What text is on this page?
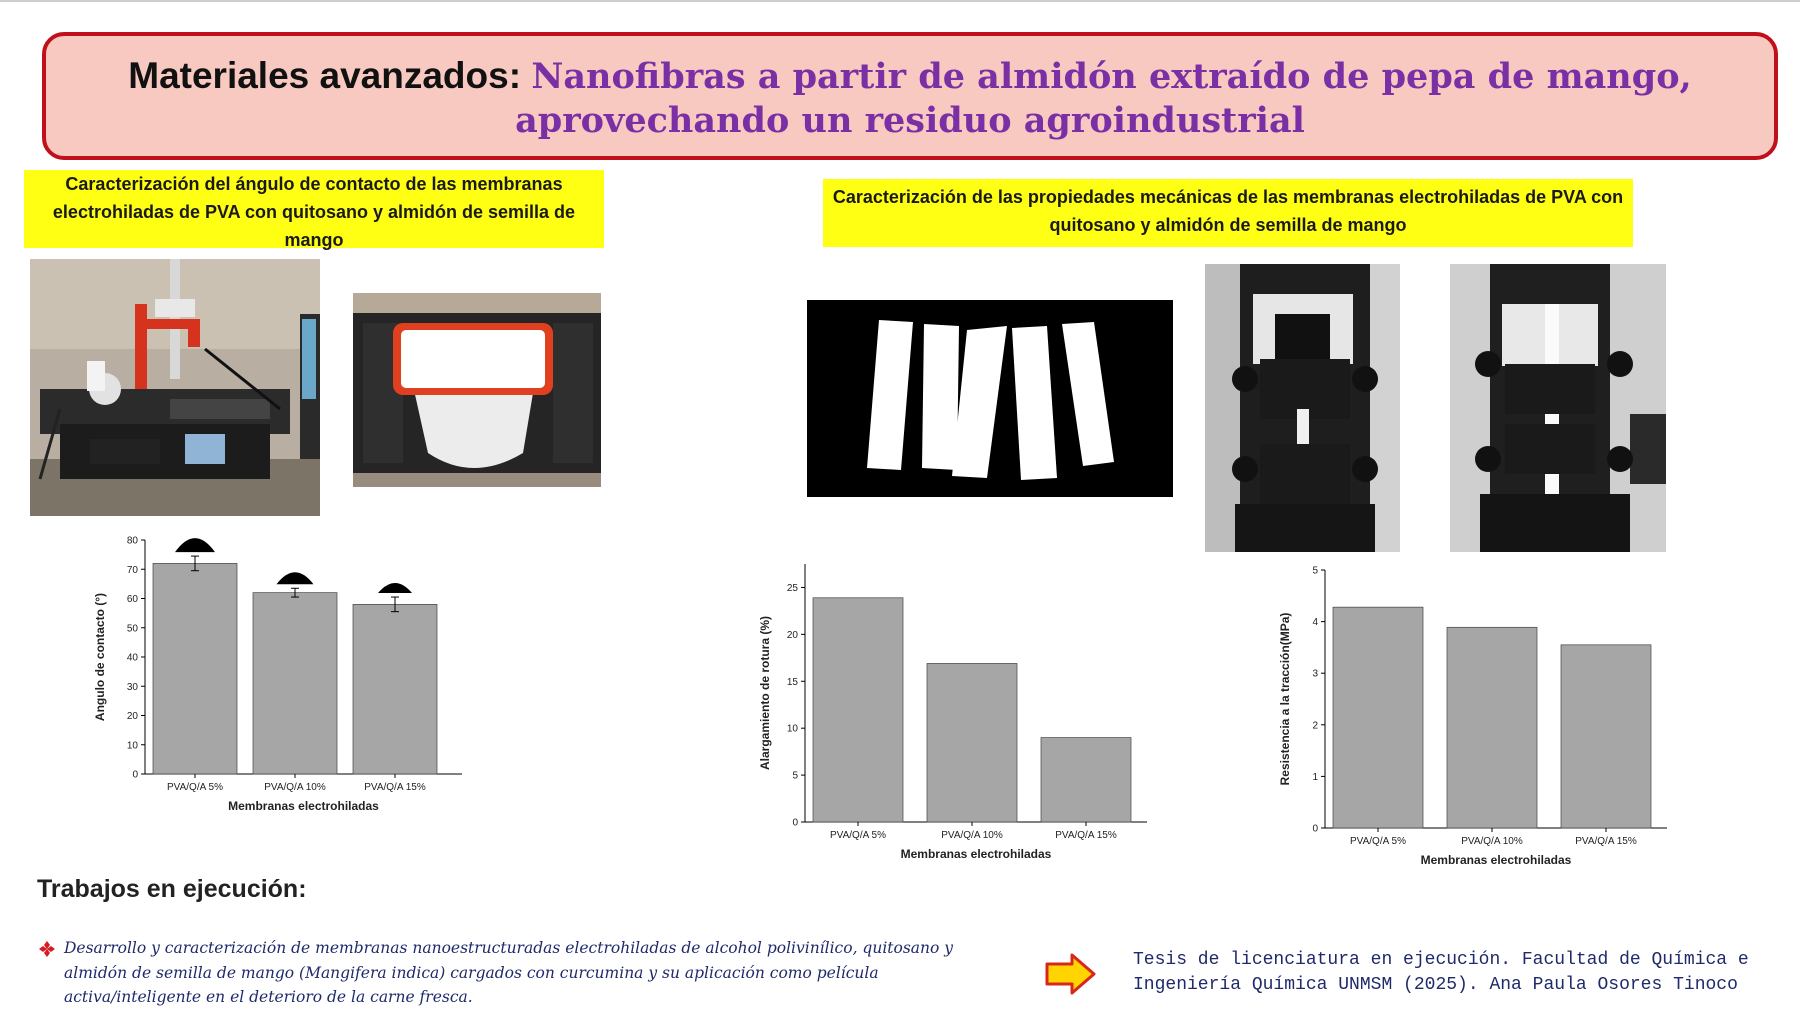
Materiales avanzados: Nanofibras a partir de almidón extraído de pepa de mango,
aprovechando un residuo agroindustrial
Caracterización del ángulo de contacto de las membranas electrohiladas de PVA con quitosano y almidón de semilla de mango
Caracterización de las propiedades mecánicas de las membranas electrohiladas de PVA con quitosano y almidón de semilla de mango
0
10
20
30
40
50
60
70
80
PVA/Q/A 5%	PVA/Q/A 10%	PVA/Q/A 15%
Membranas electrohiladas
Angulo de contacto (°)
0
5
10
15
20
25
PVA/Q/A 5%	PVA/Q/A 10%	PVA/Q/A 15%
Membranas electrohiladas
Alargamiento de rotura (%)
0
1
2
3
4
5
PVA/Q/A 5%	PVA/Q/A 10%	PVA/Q/A 15%
Membranas electrohiladas
Resistencia a la tracción(MPa)
Trabajos en ejecución:
Desarrollo y caracterización de membranas nanoestructuradas electrohiladas de alcohol polivinílico, quitosano y almidón de semilla de mango (Mangifera indica) cargados con curcumina y su aplicación como película activa/inteligente en el deterioro de la carne fresca.
Tesis de licenciatura en ejecución. Facultad de Química e Ingeniería Química UNMSM (2025). Ana Paula Osores Tinoco
